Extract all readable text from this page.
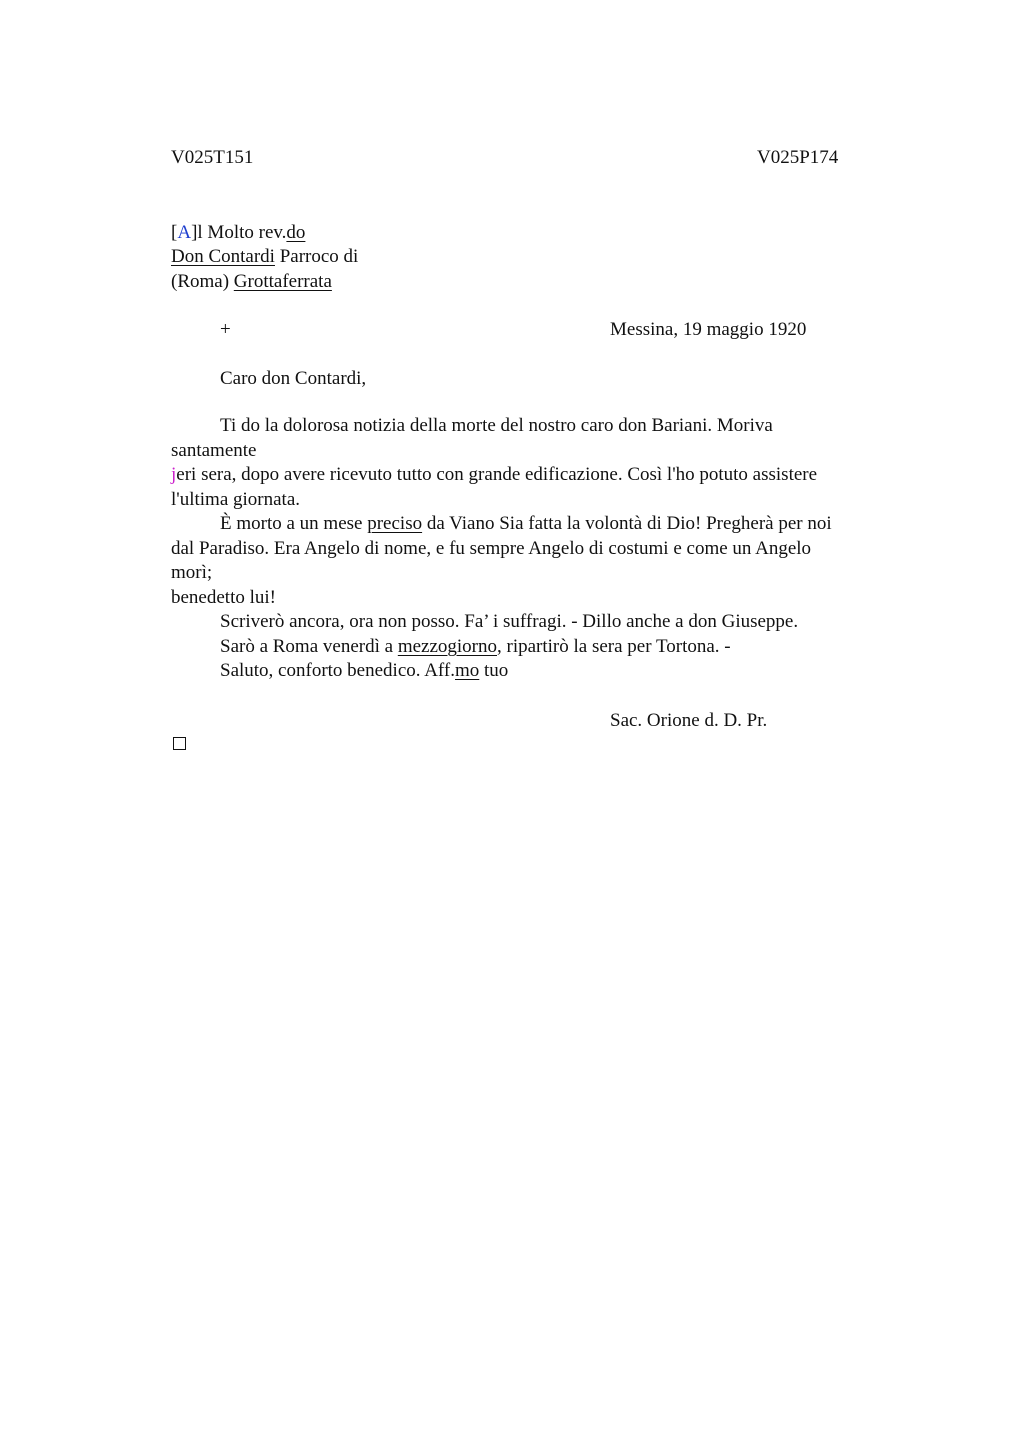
V025T151	V025P174
[A]l Molto rev.do
Don Contardi Parroco di
(Roma) Grottaferrata
+	Messina, 19 maggio 1920
Caro don Contardi,
Ti do la dolorosa notizia della morte del nostro caro don Bariani. Moriva
santamente
jeri sera, dopo avere ricevuto tutto con grande edificazione. Così l'ho potuto assistere
l'ultima giornata.
È morto a un mese preciso da Viano Sia fatta la volontà di Dio! Pregherà per noi
dal Paradiso. Era Angelo di nome, e fu sempre Angelo di costumi e come un Angelo
morì;
benedetto lui!
Scriverò ancora, ora non posso. Fa’ i suffragi. - Dillo anche a don Giuseppe.
Sarò a Roma venerdì a mezzogiorno, ripartirò la sera per Tortona. -
Saluto, conforto benedico. Aff.mo tuo
Sac. Orione d. D. Pr.
